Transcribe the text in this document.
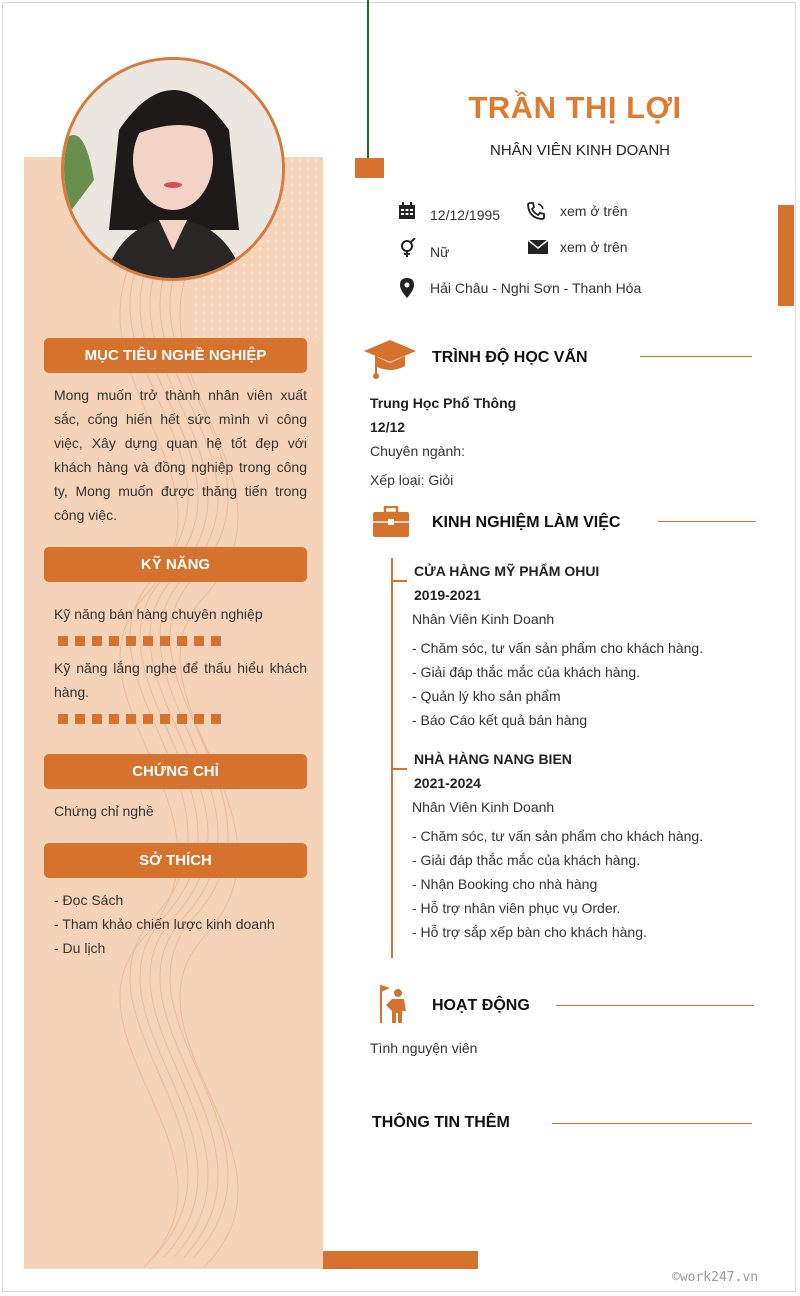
TRẦN THỊ LỢI
NHÂN VIÊN KINH DOANH
12/12/1995	xem ở trên
Nữ	xem ở trên
Hải Châu - Nghi Sơn - Thanh Hóa
MỤC TIÊU NGHỀ NGHIỆP
Mong muốn trở thành nhân viên xuất sắc, cống hiến hết sức mình vì công việc, Xây dựng quan hệ tốt đẹp với khách hàng và đồng nghiệp trong công ty, Mong muốn được thăng tiến trong công việc.
KỸ NĂNG
Kỹ năng bán hàng chuyên nghiệp
Kỹ năng lắng nghe để thấu hiểu khách hàng.
CHỨNG CHỈ
Chứng chỉ nghề
SỞ THÍCH
- Đọc Sách
- Tham khảo chiến lược kinh doanh
- Du lịch
TRÌNH ĐỘ HỌC VẤN
Trung Học Phổ Thông
12/12
Chuyên ngành:
Xếp loại: Giỏi
KINH NGHIỆM LÀM VIỆC
CỬA HÀNG MỸ PHẨM OHUI
2019-2021
Nhân Viên Kinh Doanh
- Chăm sóc, tư vấn sản phẩm cho khách hàng.
- Giải đáp thắc mắc của khách hàng.
- Quản lý kho sản phẩm
- Báo Cáo kết quả bán hàng
NHÀ HÀNG NANG BIEN
2021-2024
Nhân Viên Kinh Doanh
- Chăm sóc, tư vấn sản phẩm cho khách hàng.
- Giải đáp thắc mắc của khách hàng.
- Nhận Booking cho nhà hàng
- Hỗ trợ nhân viên phục vụ Order.
- Hỗ trợ sắp xếp bàn cho khách hàng.
HOẠT ĐỘNG
Tình nguyện viên
THÔNG TIN THÊM
©work247.vn
